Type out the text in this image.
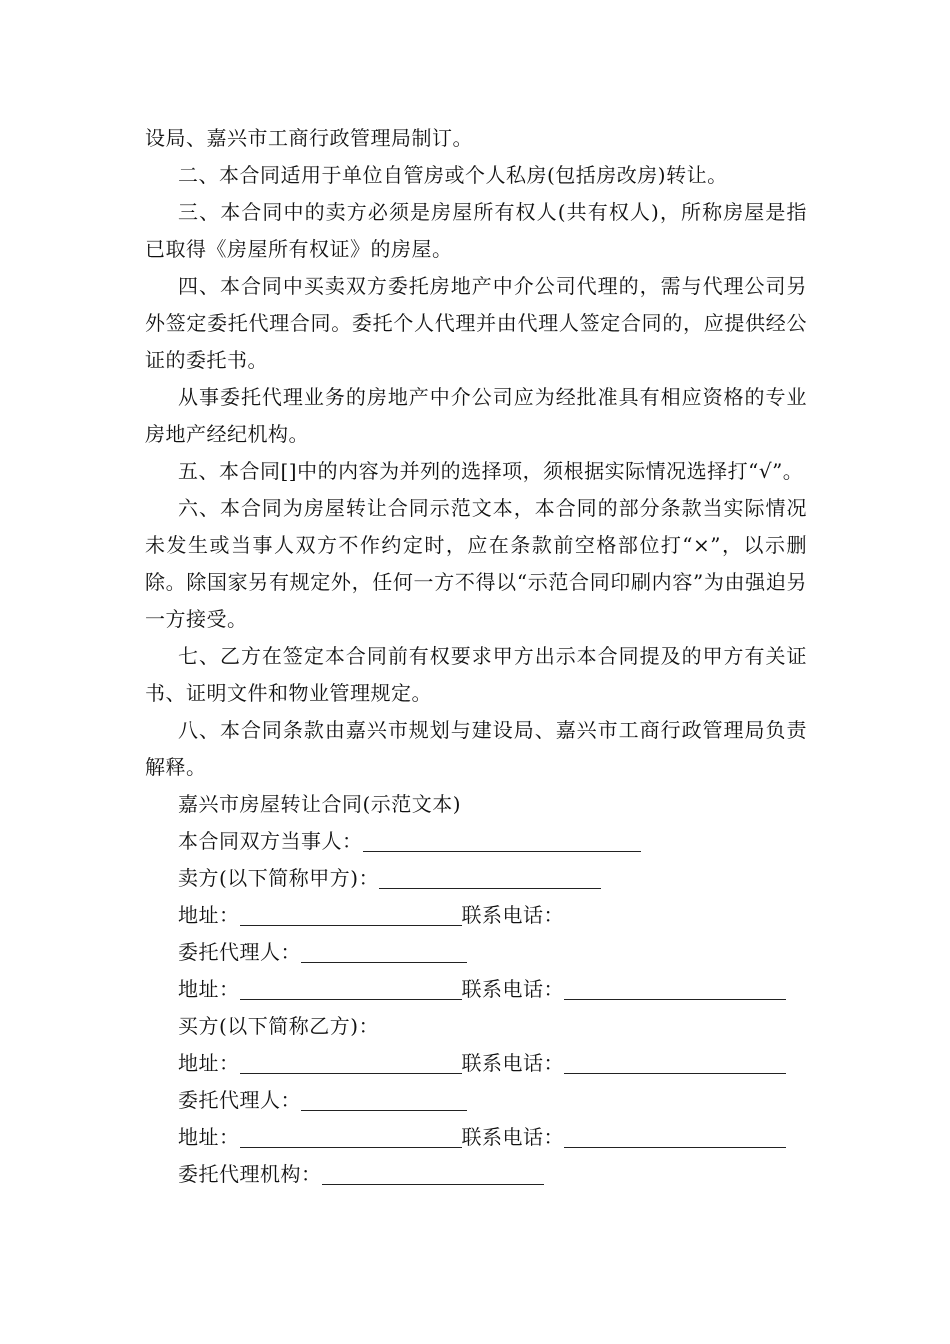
设局、嘉兴市工商行政管理局制订。

二、本合同适用于单位自管房或个人私房(包括房改房)转让。

三、本合同中的卖方必须是房屋所有权人(共有权人)，所称房屋是指已取得《房屋所有权证》的房屋。

四、本合同中买卖双方委托房地产中介公司代理的，需与代理公司另外签定委托代理合同。委托个人代理并由代理人签定合同的，应提供经公证的委托书。

从事委托代理业务的房地产中介公司应为经批准具有相应资格的专业房地产经纪机构。

五、本合同[]中的内容为并列的选择项，须根据实际情况选择打“√”。

六、本合同为房屋转让合同示范文本，本合同的部分条款当实际情况未发生或当事人双方不作约定时，应在条款前空格部位打“×”，以示删除。除国家另有规定外，任何一方不得以“示范合同印刷内容”为由强迫另一方接受。

七、乙方在签定本合同前有权要求甲方出示本合同提及的甲方有关证书、证明文件和物业管理规定。

八、本合同条款由嘉兴市规划与建设局、嘉兴市工商行政管理局负责解释。

嘉兴市房屋转让合同(示范文本)

本合同双方当事人：

卖方(以下简称甲方)：

地址：	联系电话：

委托代理人：

地址：	联系电话：

买方(以下简称乙方)：

地址：	联系电话：

委托代理人：

地址：	联系电话：

委托代理机构：
